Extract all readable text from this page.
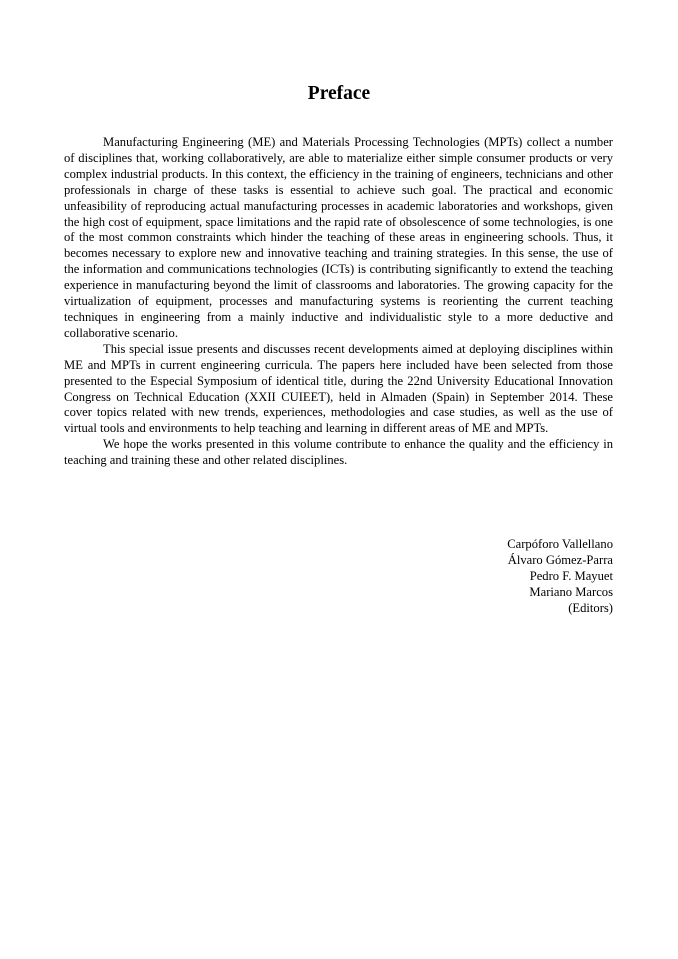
Preface

Manufacturing Engineering (ME) and Materials Processing Technologies (MPTs) collect a number of disciplines that, working collaboratively, are able to materialize either simple consumer products or very complex industrial products. In this context, the efficiency in the training of engineers, technicians and other professionals in charge of these tasks is essential to achieve such goal. The practical and economic unfeasibility of reproducing actual manufacturing processes in academic laboratories and workshops, given the high cost of equipment, space limitations and the rapid rate of obsolescence of some technologies, is one of the most common constraints which hinder the teaching of these areas in engineering schools. Thus, it becomes necessary to explore new and innovative teaching and training strategies. In this sense, the use of the information and communications technologies (ICTs) is contributing significantly to extend the teaching experience in manufacturing beyond the limit of classrooms and laboratories. The growing capacity for the virtualization of equipment, processes and manufacturing systems is reorienting the current teaching techniques in engineering from a mainly inductive and individualistic style to a more deductive and collaborative scenario.

This special issue presents and discusses recent developments aimed at deploying disciplines within ME and MPTs in current engineering curricula. The papers here included have been selected from those presented to the Especial Symposium of identical title, during the 22nd University Educational Innovation Congress on Technical Education (XXII CUIEET), held in Almaden (Spain) in September 2014. These cover topics related with new trends, experiences, methodologies and case studies, as well as the use of virtual tools and environments to help teaching and learning in different areas of ME and MPTs.

We hope the works presented in this volume contribute to enhance the quality and the efficiency in teaching and training these and other related disciplines.

Carpóforo Vallellano
Álvaro Gómez-Parra
Pedro F. Mayuet
Mariano Marcos
(Editors)
